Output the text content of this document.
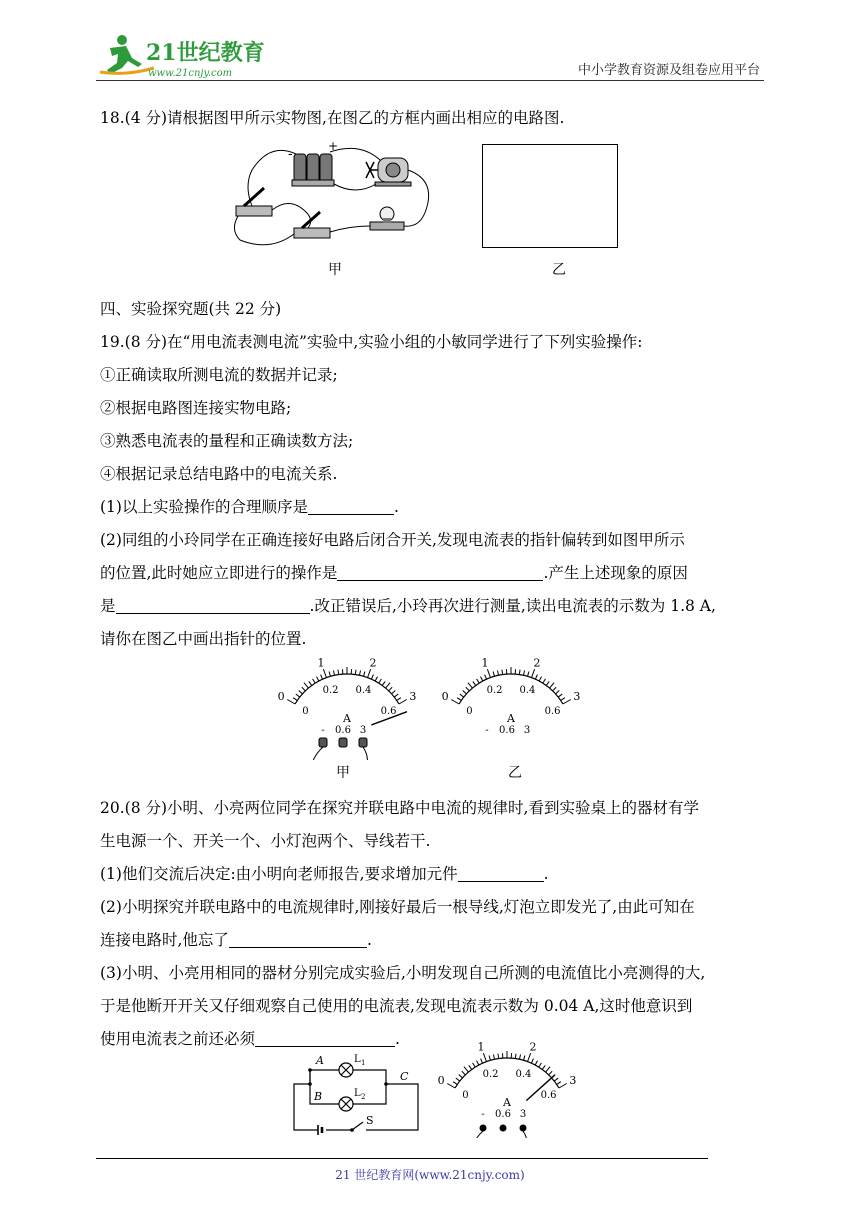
21世纪教育
www.21cnjy.com	中小学教育资源及组卷应用平台
18.(4 分)请根据图甲所示实物图,在图乙的方框内画出相应的电路图.
-	+
甲	乙
四、实验探究题(共 22 分)
19.(8 分)在“用电流表测电流”实验中,实验小组的小敏同学进行了下列实验操作:
①正确读取所测电流的数据并记录;
②根据电路图连接实物电路;
③熟悉电流表的量程和正确读数方法;
④根据记录总结电路中的电流关系.
(1)以上实验操作的合理顺序是	.
(2)同组的小玲同学在正确连接好电路后闭合开关,发现电流表的指针偏转到如图甲所示
的位置,此时她应立即进行的操作是	.产生上述现象的原因
是	.改正错误后,小玲再次进行测量,读出电流表的示数为 1.8 A,
请你在图乙中画出指针的位置.
0
1	2
3
0
0.2 0.4
0.6
A
- 0.6 3
0
1	2
3
0
0.2 0.4
0.6
A
- 0.6 3
甲	乙
20.(8 分)小明、小亮两位同学在探究并联电路中电流的规律时,看到实验桌上的器材有学
生电源一个、开关一个、小灯泡两个、导线若干.
(1)他们交流后决定:由小明向老师报告,要求增加元件	.
(2)小明探究并联电路中的电流规律时,刚接好最后一根导线,灯泡立即发光了,由此可知在
连接电路时,他忘了	.
(3)小明、小亮用相同的器材分别完成实验后,小明发现自己所测的电流值比小亮测得的大,
于是他断开开关又仔细观察自己使用的电流表,发现电流表示数为 0.04 A,这时他意识到
使用电流表之前还必须	.
A
B
C
S
L 1
L 2
0
1	2
3
0
0.2 0.4
0.6
A
- 0.6 3
21 世纪教育网(www.21cnjy.com)
